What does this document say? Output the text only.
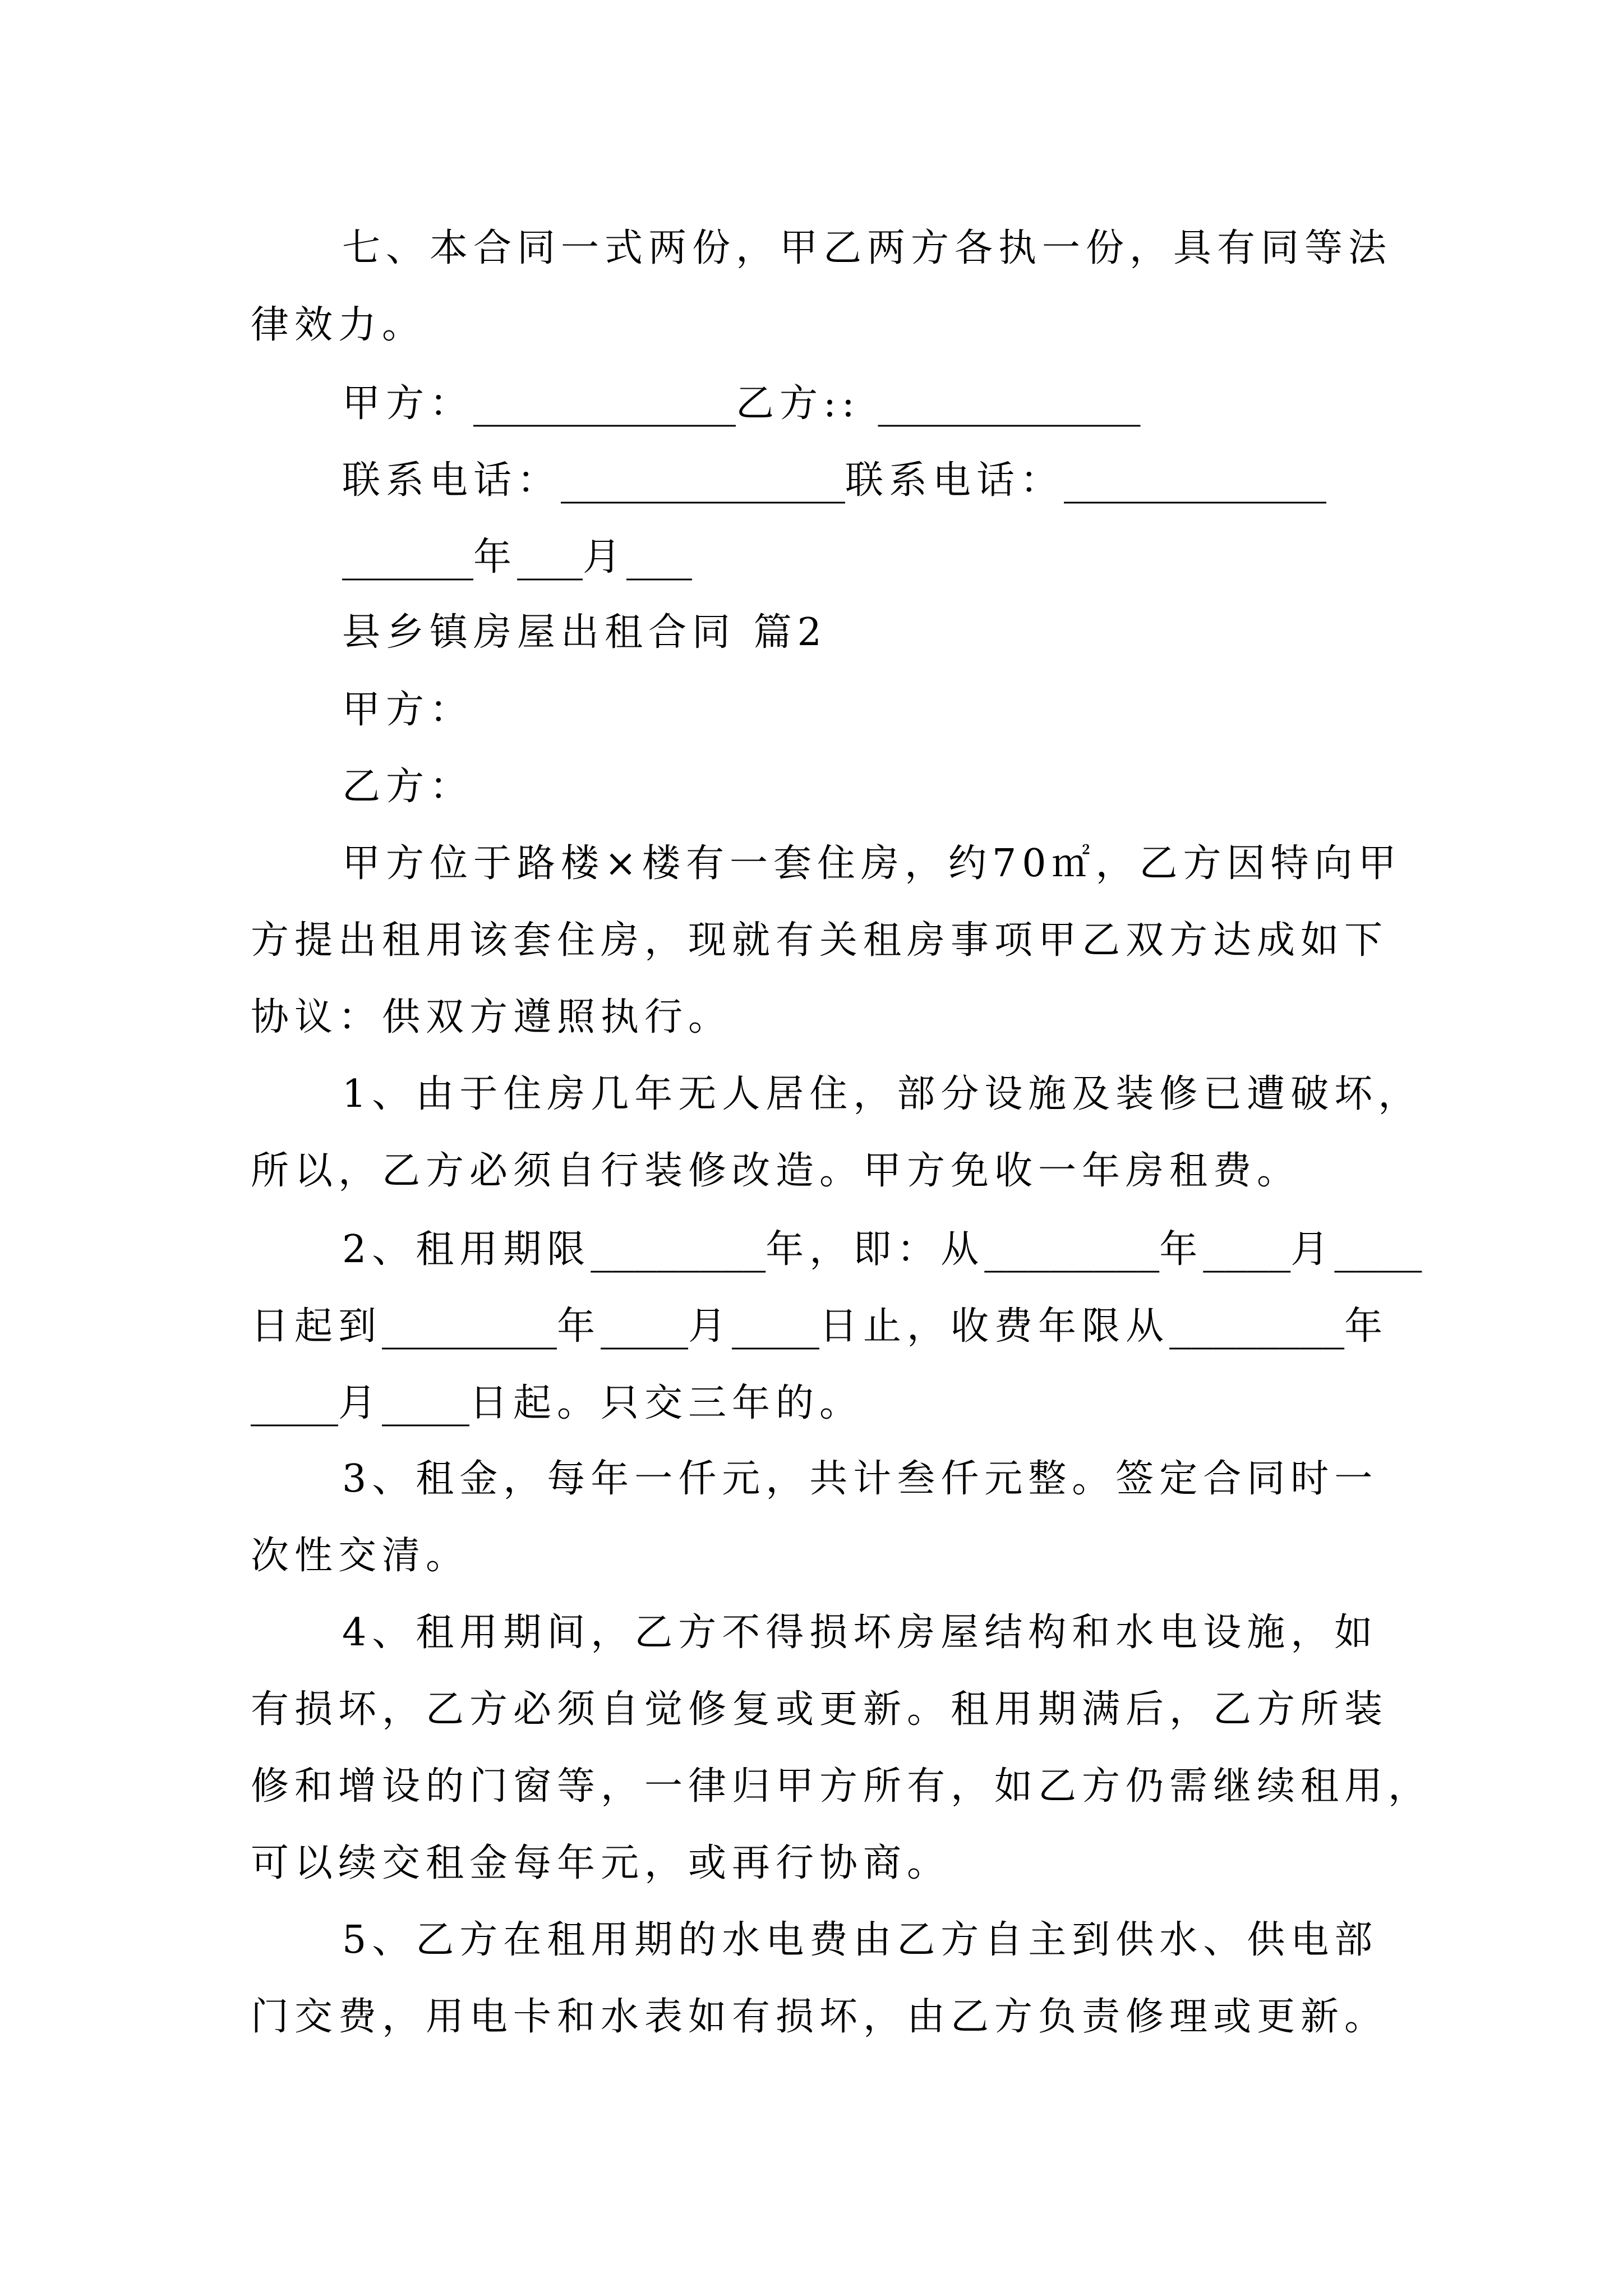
七、本合同一式两份，甲乙两方各执一份，具有同等法
律效力。
甲方：____________乙方:: ____________
联系电话：_____________联系电话：____________
______年___月___
县乡镇房屋出租合同 篇2
甲方：
乙方：
甲方位于路楼×楼有一套住房，约70㎡，乙方因特向甲
方提出租用该套住房，现就有关租房事项甲乙双方达成如下
协议：供双方遵照执行。
1、由于住房几年无人居住，部分设施及装修已遭破坏，
所以，乙方必须自行装修改造。甲方免收一年房租费。
2、租用期限________年，即：从________年____月____
日起到________年____月____日止，收费年限从________年
____月____日起。只交三年的。
3、租金，每年一仟元，共计叁仟元整。签定合同时一
次性交清。
4、租用期间，乙方不得损坏房屋结构和水电设施，如
有损坏，乙方必须自觉修复或更新。租用期满后，乙方所装
修和增设的门窗等，一律归甲方所有，如乙方仍需继续租用，
可以续交租金每年元，或再行协商。
5、乙方在租用期的水电费由乙方自主到供水、供电部
门交费，用电卡和水表如有损坏，由乙方负责修理或更新。
